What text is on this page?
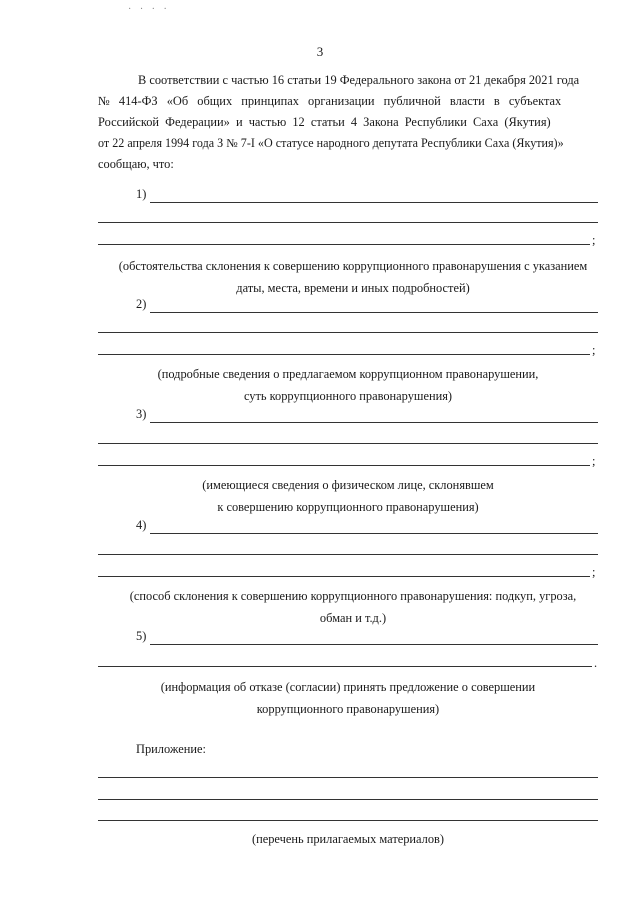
· · · ·
3
В соответствии с частью 16 статьи 19 Федерального закона от 21 декабря 2021 года
№ 414-ФЗ «Об общих принципах организации публичной власти в субъектах
Российской Федерации» и частью 12 статьи 4 Закона Республики Саха (Якутия)
от 22 апреля 1994 года З № 7-I «О статусе народного депутата Республики Саха (Якутия)»
сообщаю, что:
1)
;
(обстоятельства склонения к совершению коррупционного правонарушения с указанием
даты, места, времени и иных подробностей)
2)
;
(подробные сведения о предлагаемом коррупционном правонарушении,
суть коррупционного правонарушения)
3)
;
(имеющиеся сведения о физическом лице, склонявшем
к совершению коррупционного правонарушения)
4)
;
(способ склонения к совершению коррупционного правонарушения: подкуп, угроза,
обман и т.д.)
5)
.
(информация об отказе (согласии) принять предложение о совершении
коррупционного правонарушения)
Приложение:
(перечень прилагаемых материалов)
